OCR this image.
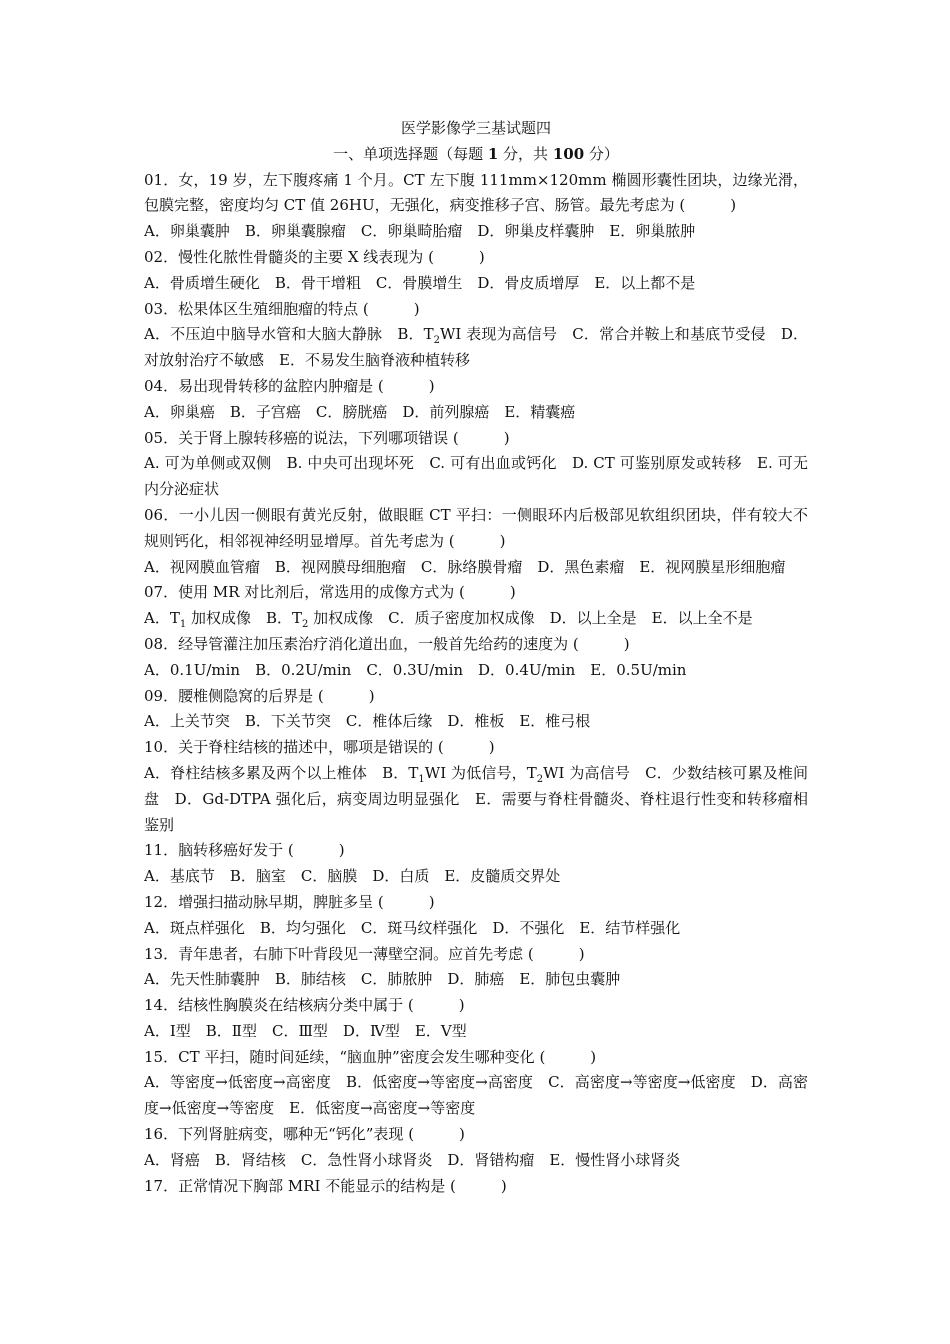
医学影像学三基试题四

一、单项选择题（每题 1 分，共 100 分）

01．女，19 岁，左下腹疼痛 1 个月。CT 左下腹 111mm×120mm 椭圆形囊性团块，边缘光滑，包膜完整，密度均匀 CT 值 26HU，无强化，病变推移子宫、肠管。最先考虑为 (　　　)

A．卵巢囊肿　B．卵巢囊腺瘤　C．卵巢畸胎瘤　D．卵巢皮样囊肿　E．卵巢脓肿

02．慢性化脓性骨髓炎的主要 X 线表现为 (　　　)

A．骨质增生硬化　B．骨干增粗　C．骨膜增生　D．骨皮质增厚　E．以上都不是

03．松果体区生殖细胞瘤的特点 (　　　)

A．不压迫中脑导水管和大脑大静脉　B．$T_2WI$ 表现为高信号　C．常合并鞍上和基底节受侵　D．对放射治疗不敏感　E．不易发生脑脊液种植转移

04．易出现骨转移的盆腔内肿瘤是 (　　　)

A．卵巢癌　B．子宫癌　C．膀胱癌　D．前列腺癌　E．精囊癌

05．关于肾上腺转移癌的说法，下列哪项错误 (　　　)

A. 可为单侧或双侧　B. 中央可出现坏死　C. 可有出血或钙化　D. CT 可鉴别原发或转移　E. 可无内分泌症状

06．一小儿因一侧眼有黄光反射，做眼眶 CT 平扫：一侧眼环内后极部见软组织团块，伴有较大不规则钙化，相邻视神经明显增厚。首先考虑为 (　　　)

A．视网膜血管瘤　B．视网膜母细胞瘤　C．脉络膜骨瘤　D．黑色素瘤　E．视网膜星形细胞瘤

07．使用 MR 对比剂后，常选用的成像方式为 (　　　)

A．$T_1$ 加权成像　B．$T_2$ 加权成像　C．质子密度加权成像　D．以上全是　E．以上全不是

08．经导管灌注加压素治疗消化道出血，一般首先给药的速度为 (　　　)

A．0.1U/min　B．0.2U/min　C．0.3U/min　D．0.4U/min　E．0.5U/min

09．腰椎侧隐窝的后界是 (　　　)

A．上关节突　B．下关节突　C．椎体后缘　D．椎板　E．椎弓根

10．关于脊柱结核的描述中，哪项是错误的 (　　　)

A．脊柱结核多累及两个以上椎体　B．$T_1WI$ 为低信号，$T_2WI$ 为高信号　C．少数结核可累及椎间盘　D．Gd-DTPA 强化后，病变周边明显强化　E．需要与脊柱骨髓炎、脊柱退行性变和转移瘤相鉴别

11．脑转移癌好发于 (　　　)

A．基底节　B．脑室　C．脑膜　D．白质　E．皮髓质交界处

12．增强扫描动脉早期，脾脏多呈 (　　　)

A．斑点样强化　B．均匀强化　C．斑马纹样强化　D．不强化　E．结节样强化

13．青年患者，右肺下叶背段见一薄壁空洞。应首先考虑 (　　　)

A．先天性肺囊肿　B．肺结核　C．肺脓肿　D．肺癌　E．肺包虫囊肿

14．结核性胸膜炎在结核病分类中属于 (　　　)

A．Ⅰ型　B．Ⅱ型　C．Ⅲ型　D．Ⅳ型　E．Ⅴ型

15．CT 平扫，随时间延续，“脑血肿”密度会发生哪种变化 (　　　)

A．等密度→低密度→高密度　B．低密度→等密度→高密度　C．高密度→等密度→低密度　D．高密度→低密度→等密度　E．低密度→高密度→等密度

16．下列肾脏病变，哪种无“钙化”表现 (　　　)

A．肾癌　B．肾结核　C．急性肾小球肾炎　D．肾错构瘤　E．慢性肾小球肾炎

17．正常情况下胸部 MRI 不能显示的结构是 (　　　)
